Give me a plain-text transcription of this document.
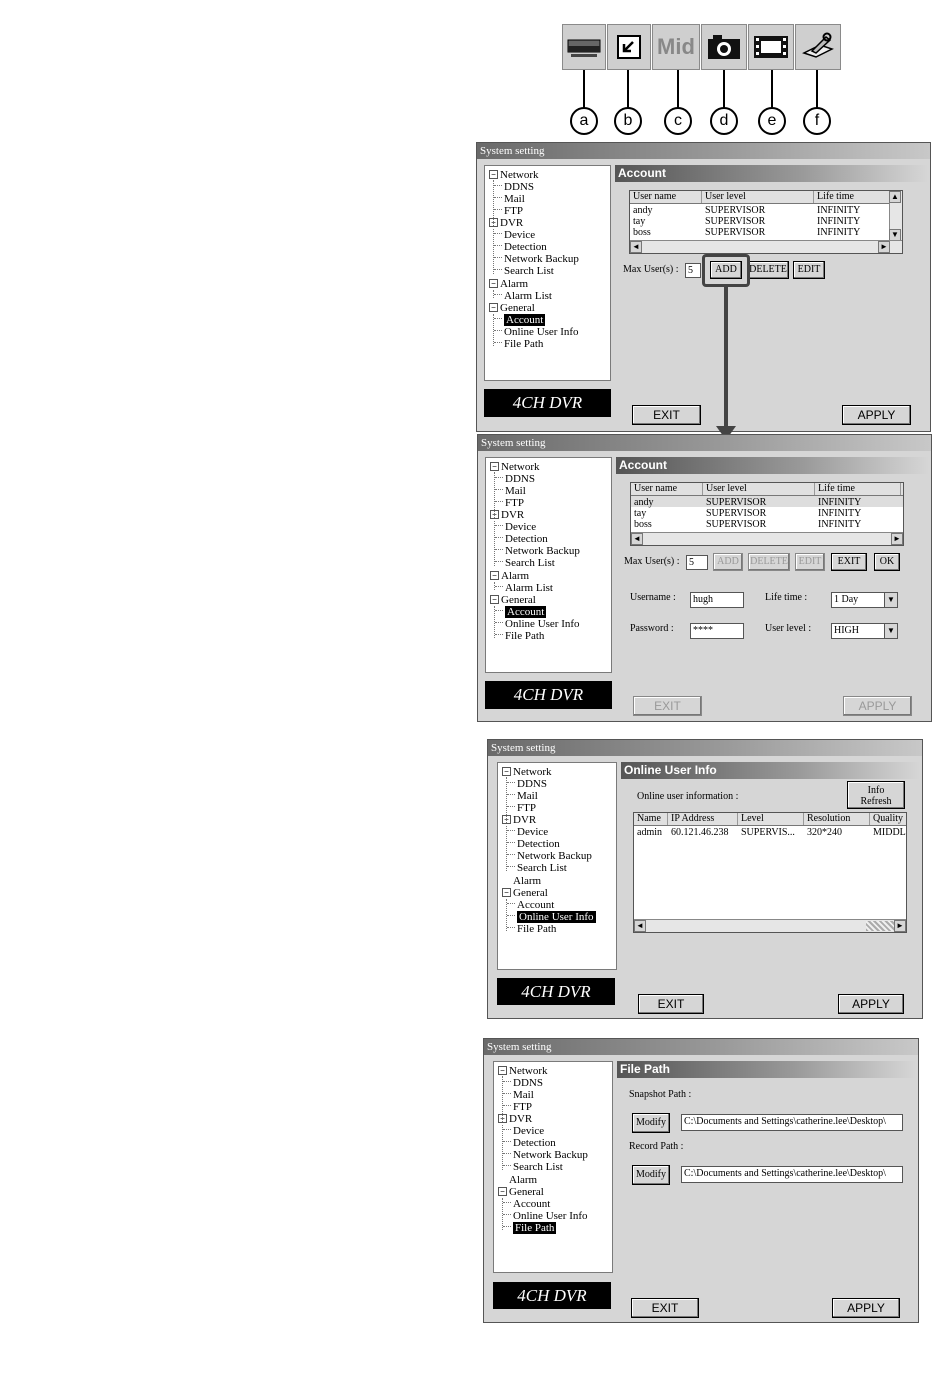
Mid
a	b	c	d	e	f
System setting
− Network
DDNS
Mail
FTP
− DVR
Device
Detection
Network Backup
Search List
− Alarm
Alarm List
− General
Account
Online User Info
File Path
4CH DVR
Account
User name	User level	Life time
andy	SUPERVISOR	INFINITY
tay	SUPERVISOR	INFINITY
boss	SUPERVISOR	INFINITY
▲
▼
◄	►
Max User(s) : 5	ADD	DELETE	EDIT
EXIT	APPLY
System setting
− Network
DDNS
Mail
FTP
− DVR
Device
Detection
Network Backup
Search List
− Alarm
Alarm List
− General
Account
Online User Info
File Path
4CH DVR
Account
User name	User level	Life time
andy	SUPERVISOR	INFINITY
tay	SUPERVISOR	INFINITY
boss	SUPERVISOR	INFINITY
◄	►
Max User(s) : 5	ADD	DELETE	EDIT	EXIT	OK
Username :	hugh
Password :	****
Life time :	1 Day	▼
User level :	HIGH	▼
EXIT	APPLY
System setting
− Network
DDNS
Mail
FTP
− DVR
Device
Detection
Network Backup
Search List
Alarm
− General
Account
Online User Info
File Path
4CH DVR
Online User Info
Online user information :
Info
Refresh
Name	IP Address	Level	Resolution	Quality
admin 60.121.46.238 SUPERVIS... 320*240	MIDDL
◄	►
EXIT	APPLY
System setting
− Network
DDNS
Mail
FTP
− DVR
Device
Detection
Network Backup
Search List
Alarm
− General
Account
Online User Info
File Path
4CH DVR
File Path
Snapshot Path :
Modify	C:\Documents and Settings\catherine.lee\Desktop\
Record Path :
Modify	C:\Documents and Settings\catherine.lee\Desktop\
EXIT	APPLY
